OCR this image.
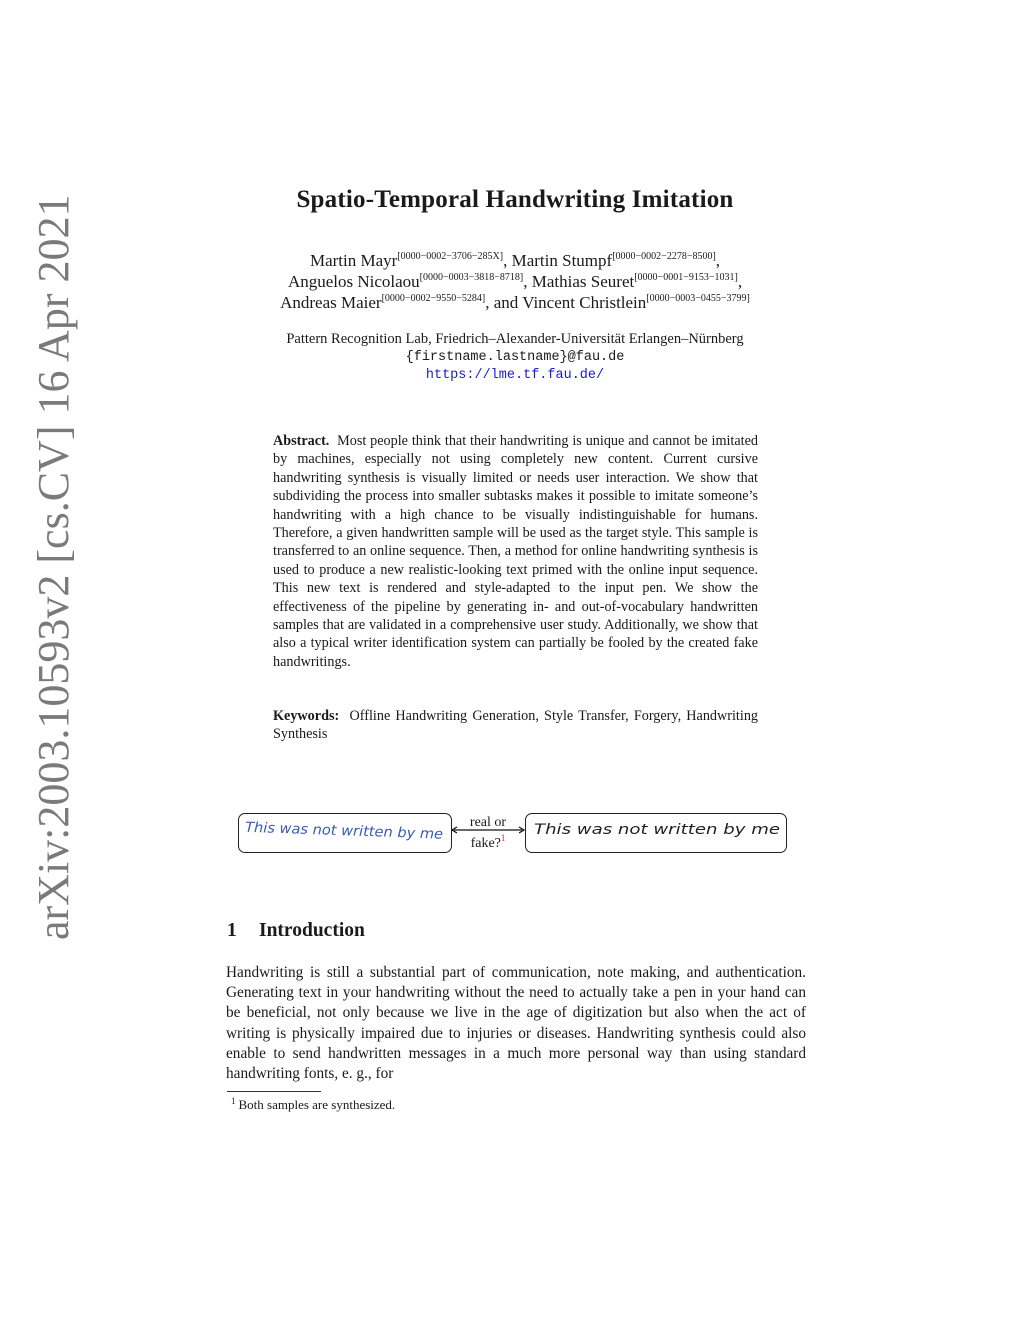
arXiv:2003.10593v2 [cs.CV] 16 Apr 2021	Spatio-Temporal Handwriting Imitation
Martin Mayr[0000−0002−3706−285X], Martin Stumpf[0000−0002−2278−8500],
Anguelos Nicolaou[0000−0003−3818−8718], Mathias Seuret[0000−0001−9153−1031],
Andreas Maier[0000−0002−9550−5284], and Vincent Christlein[0000−0003−0455−3799]
Pattern Recognition Lab, Friedrich–Alexander-Universität Erlangen–Nürnberg
{firstname.lastname}@fau.de
https://lme.tf.fau.de/
Abstract. Most people think that their handwriting is unique and cannot be imitated by machines, especially not using completely new content. Current cursive handwriting synthesis is visually limited or needs user interaction. We show that subdividing the process into smaller subtasks makes it possible to imitate someone’s handwriting with a high chance to be visually indistinguishable for humans. Therefore, a given handwritten sample will be used as the target style. This sample is transferred to an online sequence. Then, a method for online handwriting synthesis is used to produce a new realistic-looking text primed with the online input sequence. This new text is rendered and style-adapted to the input pen. We show the effectiveness of the pipeline by generating in- and out-of-vocabulary handwritten samples that are validated in a comprehensive user study. Additionally, we show that also a typical writer identification system can partially be fooled by the created fake handwritings.
Keywords: Offline Handwriting Generation, Style Transfer, Forgery, Handwriting Synthesis
This was not written by me	real or
fake?$^1$	This was not written by me
1 Introduction
Handwriting is still a substantial part of communication, note making, and authentication. Generating text in your handwriting without the need to actually take a pen in your hand can be beneficial, not only because we live in the age of digitization but also when the act of writing is physically impaired due to injuries or diseases. Handwriting synthesis could also enable to send handwritten messages in a much more personal way than using standard handwriting fonts, e. g., for
$^1$ Both samples are synthesized.
